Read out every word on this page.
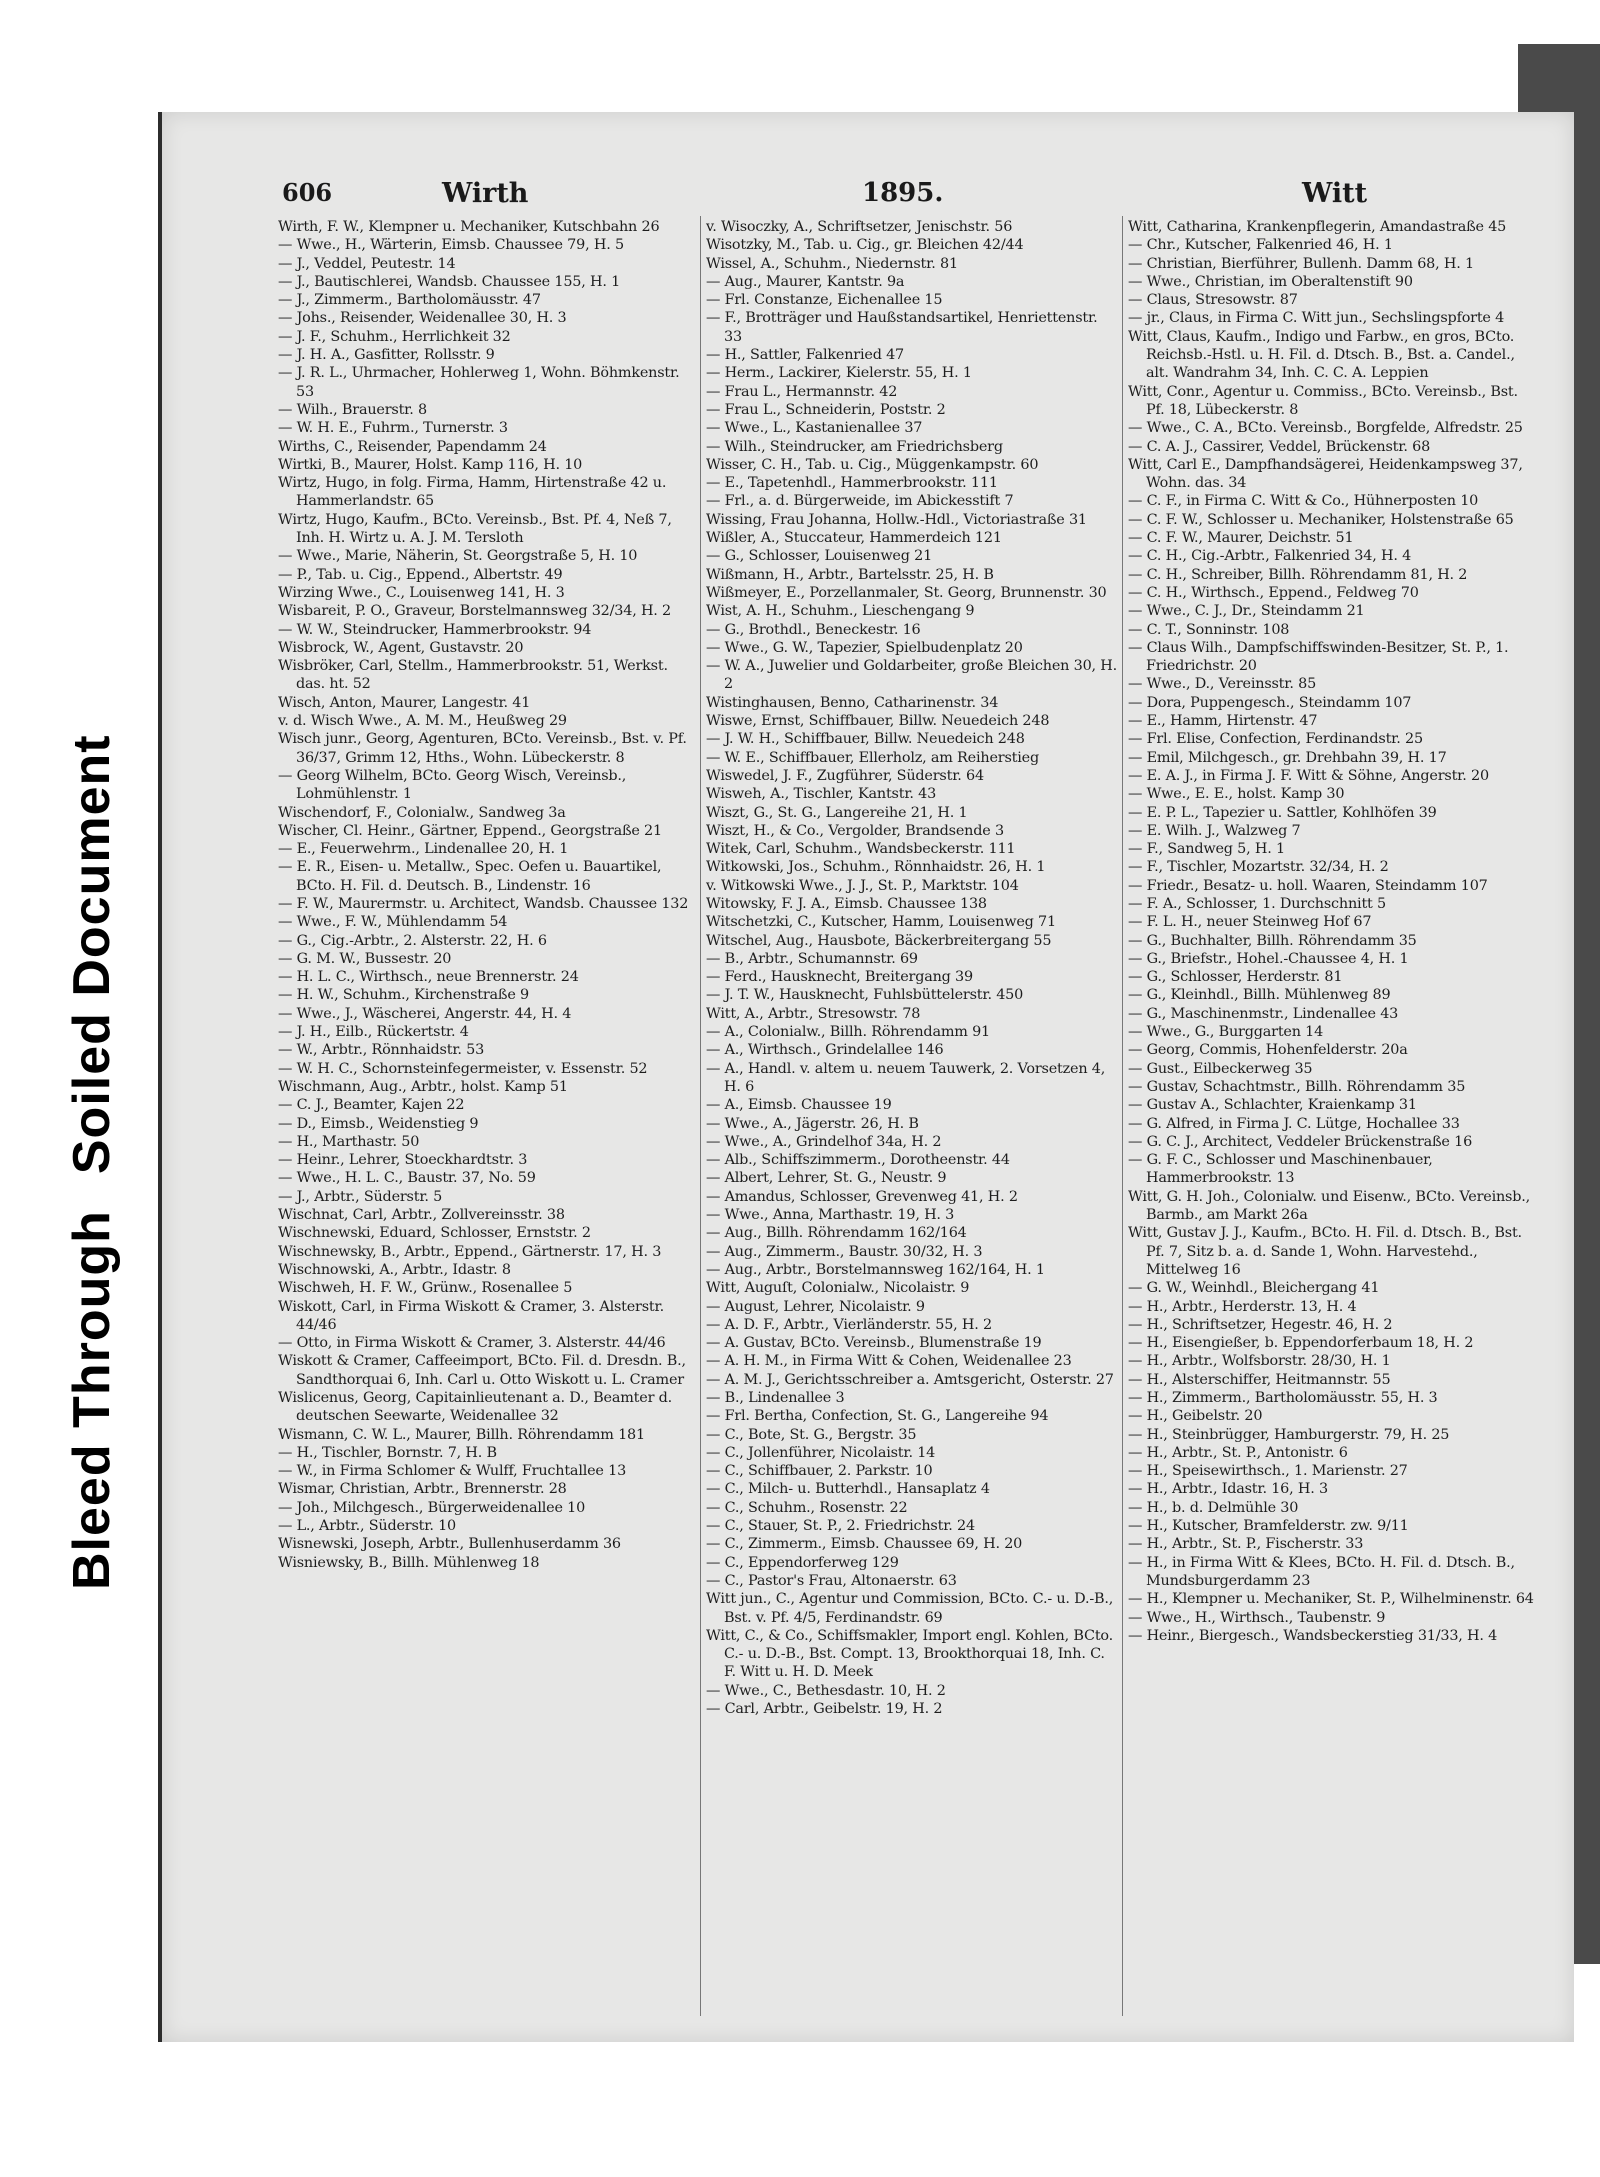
Bleed ThroughSoiled Document
606	Wirth	1895.	Witt

Wirth, F. W., Klempner u. Mechaniker, Kutschbahn 26

— Wwe., H., Wärterin, Eimsb. Chaussee 79, H. 5

— J., Veddel, Peutestr. 14

— J., Bautischlerei, Wandsb. Chaussee 155, H. 1

— J., Zimmerm., Bartholomäusstr. 47

— Johs., Reisender, Weidenallee 30, H. 3

— J. F., Schuhm., Herrlichkeit 32

— J. H. A., Gasfitter, Rollsstr. 9

— J. R. L., Uhrmacher, Hohlerweg 1, Wohn. Böhmkenstr. 53

— Wilh., Brauerstr. 8

— W. H. E., Fuhrm., Turnerstr. 3

Wirths, C., Reisender, Papendamm 24

Wirtki, B., Maurer, Holst. Kamp 116, H. 10

Wirtz, Hugo, in folg. Firma, Hamm, Hirtenstraße 42 u. Hammerlandstr. 65

Wirtz, Hugo, Kaufm., BCto. Vereinsb., Bst. Pf. 4, Neß 7, Inh. H. Wirtz u. A. J. M. Tersloth

— Wwe., Marie, Näherin, St. Georgstraße 5, H. 10

— P., Tab. u. Cig., Eppend., Albertstr. 49

Wirzing Wwe., C., Louisenweg 141, H. 3

Wisbareit, P. O., Graveur, Borstelmannsweg 32/34, H. 2

— W. W., Steindrucker, Hammerbrookstr. 94

Wisbrock, W., Agent, Gustavstr. 20

Wisbröker, Carl, Stellm., Hammerbrookstr. 51, Werkst. das. ht. 52

Wisch, Anton, Maurer, Langestr. 41

v. d. Wisch Wwe., A. M. M., Heußweg 29

Wisch junr., Georg, Agenturen, BCto. Vereinsb., Bst. v. Pf. 36/37, Grimm 12, Hths., Wohn. Lübeckerstr. 8

— Georg Wilhelm, BCto. Georg Wisch, Vereinsb., Lohmühlenstr. 1

Wischendorf, F., Colonialw., Sandweg 3a

Wischer, Cl. Heinr., Gärtner, Eppend., Georgstraße 21

— E., Feuerwehrm., Lindenallee 20, H. 1

— E. R., Eisen- u. Metallw., Spec. Oefen u. Bauartikel, BCto. H. Fil. d. Deutsch. B., Lindenstr. 16

— F. W., Maurermstr. u. Architect, Wandsb. Chaussee 132

— Wwe., F. W., Mühlendamm 54

— G., Cig.-Arbtr., 2. Alsterstr. 22, H. 6

— G. M. W., Bussestr. 20

— H. L. C., Wirthsch., neue Brennerstr. 24

— H. W., Schuhm., Kirchenstraße 9

— Wwe., J., Wäscherei, Angerstr. 44, H. 4

— J. H., Eilb., Rückertstr. 4

— W., Arbtr., Rönnhaidstr. 53

— W. H. C., Schornsteinfegermeister, v. Essenstr. 52

Wischmann, Aug., Arbtr., holst. Kamp 51

— C. J., Beamter, Kajen 22

— D., Eimsb., Weidenstieg 9

— H., Marthastr. 50

— Heinr., Lehrer, Stoeckhardtstr. 3

— Wwe., H. L. C., Baustr. 37, No. 59

— J., Arbtr., Süderstr. 5

Wischnat, Carl, Arbtr., Zollvereinsstr. 38

Wischnewski, Eduard, Schlosser, Ernststr. 2

Wischnewsky, B., Arbtr., Eppend., Gärtnerstr. 17, H. 3

Wischnowski, A., Arbtr., Idastr. 8

Wischweh, H. F. W., Grünw., Rosenallee 5

Wiskott, Carl, in Firma Wiskott & Cramer, 3. Alsterstr. 44/46

— Otto, in Firma Wiskott & Cramer, 3. Alsterstr. 44/46

Wiskott & Cramer, Caffeeimport, BCto. Fil. d. Dresdn. B., Sandthorquai 6, Inh. Carl u. Otto Wiskott u. L. Cramer

Wislicenus, Georg, Capitainlieutenant a. D., Beamter d. deutschen Seewarte, Weidenallee 32

Wismann, C. W. L., Maurer, Billh. Röhrendamm 181

— H., Tischler, Bornstr. 7, H. B

— W., in Firma Schlomer & Wulff, Fruchtallee 13

Wismar, Christian, Arbtr., Brennerstr. 28

— Joh., Milchgesch., Bürgerweidenallee 10

— L., Arbtr., Süderstr. 10

Wisnewski, Joseph, Arbtr., Bullenhuserdamm 36

Wisniewsky, B., Billh. Mühlenweg 18

v. Wisoczky, A., Schriftsetzer, Jenischstr. 56

Wisotzky, M., Tab. u. Cig., gr. Bleichen 42/44

Wissel, A., Schuhm., Niedernstr. 81

— Aug., Maurer, Kantstr. 9a

— Frl. Constanze, Eichenallee 15

— F., Brotträger und Haußstandsartikel, Henriettenstr. 33

— H., Sattler, Falkenried 47

— Herm., Lackirer, Kielerstr. 55, H. 1

— Frau L., Hermannstr. 42

— Frau L., Schneiderin, Poststr. 2

— Wwe., L., Kastanienallee 37

— Wilh., Steindrucker, am Friedrichsberg

Wisser, C. H., Tab. u. Cig., Müggenkampstr. 60

— E., Tapetenhdl., Hammerbrookstr. 111

— Frl., a. d. Bürgerweide, im Abickesstift 7

Wissing, Frau Johanna, Hollw.-Hdl., Victoriastraße 31

Wißler, A., Stuccateur, Hammerdeich 121

— G., Schlosser, Louisenweg 21

Wißmann, H., Arbtr., Bartelsstr. 25, H. B

Wißmeyer, E., Porzellanmaler, St. Georg, Brunnenstr. 30

Wist, A. H., Schuhm., Lieschengang 9

— G., Brothdl., Beneckestr. 16

— Wwe., G. W., Tapezier, Spielbudenplatz 20

— W. A., Juwelier und Goldarbeiter, große Bleichen 30, H. 2

Wistinghausen, Benno, Catharinenstr. 34

Wiswe, Ernst, Schiffbauer, Billw. Neuedeich 248

— J. W. H., Schiffbauer, Billw. Neuedeich 248

— W. E., Schiffbauer, Ellerholz, am Reiherstieg

Wiswedel, J. F., Zugführer, Süderstr. 64

Wisweh, A., Tischler, Kantstr. 43

Wiszt, G., St. G., Langereihe 21, H. 1

Wiszt, H., & Co., Vergolder, Brandsende 3

Witek, Carl, Schuhm., Wandsbeckerstr. 111

Witkowski, Jos., Schuhm., Rönnhaidstr. 26, H. 1

v. Witkowski Wwe., J. J., St. P., Marktstr. 104

Witowsky, F. J. A., Eimsb. Chaussee 138

Witschetzki, C., Kutscher, Hamm, Louisenweg 71

Witschel, Aug., Hausbote, Bäckerbreitergang 55

— B., Arbtr., Schumannstr. 69

— Ferd., Hausknecht, Breitergang 39

— J. T. W., Hausknecht, Fuhlsbüttelerstr. 450

Witt, A., Arbtr., Stresowstr. 78

— A., Colonialw., Billh. Röhrendamm 91

— A., Wirthsch., Grindelallee 146

— A., Handl. v. altem u. neuem Tauwerk, 2. Vorsetzen 4, H. 6

— A., Eimsb. Chaussee 19

— Wwe., A., Jägerstr. 26, H. B

— Wwe., A., Grindelhof 34a, H. 2

— Alb., Schiffszimmerm., Dorotheenstr. 44

— Albert, Lehrer, St. G., Neustr. 9

— Amandus, Schlosser, Grevenweg 41, H. 2

— Wwe., Anna, Marthastr. 19, H. 3

— Aug., Billh. Röhrendamm 162/164

— Aug., Zimmerm., Baustr. 30/32, H. 3

— Aug., Arbtr., Borstelmannsweg 162/164, H. 1

Witt, Auguſt, Colonialw., Nicolaistr. 9

— August, Lehrer, Nicolaistr. 9

— A. D. F., Arbtr., Vierländerstr. 55, H. 2

— A. Gustav, BCto. Vereinsb., Blumenstraße 19

— A. H. M., in Firma Witt & Cohen, Weidenallee 23

— A. M. J., Gerichtsschreiber a. Amtsgericht, Osterstr. 27

— B., Lindenallee 3

— Frl. Bertha, Confection, St. G., Langereihe 94

— C., Bote, St. G., Bergstr. 35

— C., Jollenführer, Nicolaistr. 14

— C., Schiffbauer, 2. Parkstr. 10

— C., Milch- u. Butterhdl., Hansaplatz 4

— C., Schuhm., Rosenstr. 22

— C., Stauer, St. P., 2. Friedrichstr. 24

— C., Zimmerm., Eimsb. Chaussee 69, H. 20

— C., Eppendorferweg 129

— C., Pastor's Frau, Altonaerstr. 63

Witt jun., C., Agentur und Commission, BCto. C.- u. D.-B., Bst. v. Pf. 4/5, Ferdinandstr. 69

Witt, C., & Co., Schiffsmakler, Import engl. Kohlen, BCto. C.- u. D.-B., Bst. Compt. 13, Brookthorquai 18, Inh. C. F. Witt u. H. D. Meek

— Wwe., C., Bethesdastr. 10, H. 2

— Carl, Arbtr., Geibelstr. 19, H. 2

Witt, Catharina, Krankenpflegerin, Amandastraße 45

— Chr., Kutscher, Falkenried 46, H. 1

— Christian, Bierführer, Bullenh. Damm 68, H. 1

— Wwe., Christian, im Oberaltenstift 90

— Claus, Stresowstr. 87

— jr., Claus, in Firma C. Witt jun., Sechslingspforte 4

Witt, Claus, Kaufm., Indigo und Farbw., en gros, BCto. Reichsb.-Hstl. u. H. Fil. d. Dtsch. B., Bst. a. Candel., alt. Wandrahm 34, Inh. C. C. A. Leppien

Witt, Conr., Agentur u. Commiss., BCto. Vereinsb., Bst. Pf. 18, Lübeckerstr. 8

— Wwe., C. A., BCto. Vereinsb., Borgfelde, Alfredstr. 25

— C. A. J., Cassirer, Veddel, Brückenstr. 68

Witt, Carl E., Dampfhandsägerei, Heidenkampsweg 37, Wohn. das. 34

— C. F., in Firma C. Witt & Co., Hühnerposten 10

— C. F. W., Schlosser u. Mechaniker, Holstenstraße 65

— C. F. W., Maurer, Deichstr. 51

— C. H., Cig.-Arbtr., Falkenried 34, H. 4

— C. H., Schreiber, Billh. Röhrendamm 81, H. 2

— C. H., Wirthsch., Eppend., Feldweg 70

— Wwe., C. J., Dr., Steindamm 21

— C. T., Sonninstr. 108

— Claus Wilh., Dampfschiffswinden-Besitzer, St. P., 1. Friedrichstr. 20

— Wwe., D., Vereinsstr. 85

— Dora, Puppengesch., Steindamm 107

— E., Hamm, Hirtenstr. 47

— Frl. Elise, Confection, Ferdinandstr. 25

— Emil, Milchgesch., gr. Drehbahn 39, H. 17

— E. A. J., in Firma J. F. Witt & Söhne, Angerstr. 20

— Wwe., E. E., holst. Kamp 30

— E. P. L., Tapezier u. Sattler, Kohlhöfen 39

— E. Wilh. J., Walzweg 7

— F., Sandweg 5, H. 1

— F., Tischler, Mozartstr. 32/34, H. 2

— Friedr., Besatz- u. holl. Waaren, Steindamm 107

— F. A., Schlosser, 1. Durchschnitt 5

— F. L. H., neuer Steinweg Hof 67

— G., Buchhalter, Billh. Röhrendamm 35

— G., Briefstr., Hohel.-Chaussee 4, H. 1

— G., Schlosser, Herderstr. 81

— G., Kleinhdl., Billh. Mühlenweg 89

— G., Maschinenmstr., Lindenallee 43

— Wwe., G., Burggarten 14

— Georg, Commis, Hohenfelderstr. 20a

— Gust., Eilbeckerweg 35

— Gustav, Schachtmstr., Billh. Röhrendamm 35

— Gustav A., Schlachter, Kraienkamp 31

— G. Alfred, in Firma J. C. Lütge, Hochallee 33

— G. C. J., Architect, Veddeler Brückenstraße 16

— G. F. C., Schlosser und Maschinenbauer, Hammerbrookstr. 13

Witt, G. H. Joh., Colonialw. und Eisenw., BCto. Vereinsb., Barmb., am Markt 26a

Witt, Gustav J. J., Kaufm., BCto. H. Fil. d. Dtsch. B., Bst. Pf. 7, Sitz b. a. d. Sande 1, Wohn. Harvestehd., Mittelweg 16

— G. W., Weinhdl., Bleichergang 41

— H., Arbtr., Herderstr. 13, H. 4

— H., Schriftsetzer, Hegestr. 46, H. 2

— H., Eisengießer, b. Eppendorferbaum 18, H. 2

— H., Arbtr., Wolfsborstr. 28/30, H. 1

— H., Alsterschiffer, Heitmannstr. 55

— H., Zimmerm., Bartholomäusstr. 55, H. 3

— H., Geibelstr. 20

— H., Steinbrügger, Hamburgerstr. 79, H. 25

— H., Arbtr., St. P., Antonistr. 6

— H., Speisewirthsch., 1. Marienstr. 27

— H., Arbtr., Idastr. 16, H. 3

— H., b. d. Delmühle 30

— H., Kutscher, Bramfelderstr. zw. 9/11

— H., Arbtr., St. P., Fischerstr. 33

— H., in Firma Witt & Klees, BCto. H. Fil. d. Dtsch. B., Mundsburgerdamm 23

— H., Klempner u. Mechaniker, St. P., Wilhelminenstr. 64

— Wwe., H., Wirthsch., Taubenstr. 9

— Heinr., Biergesch., Wandsbeckerstieg 31/33, H. 4
